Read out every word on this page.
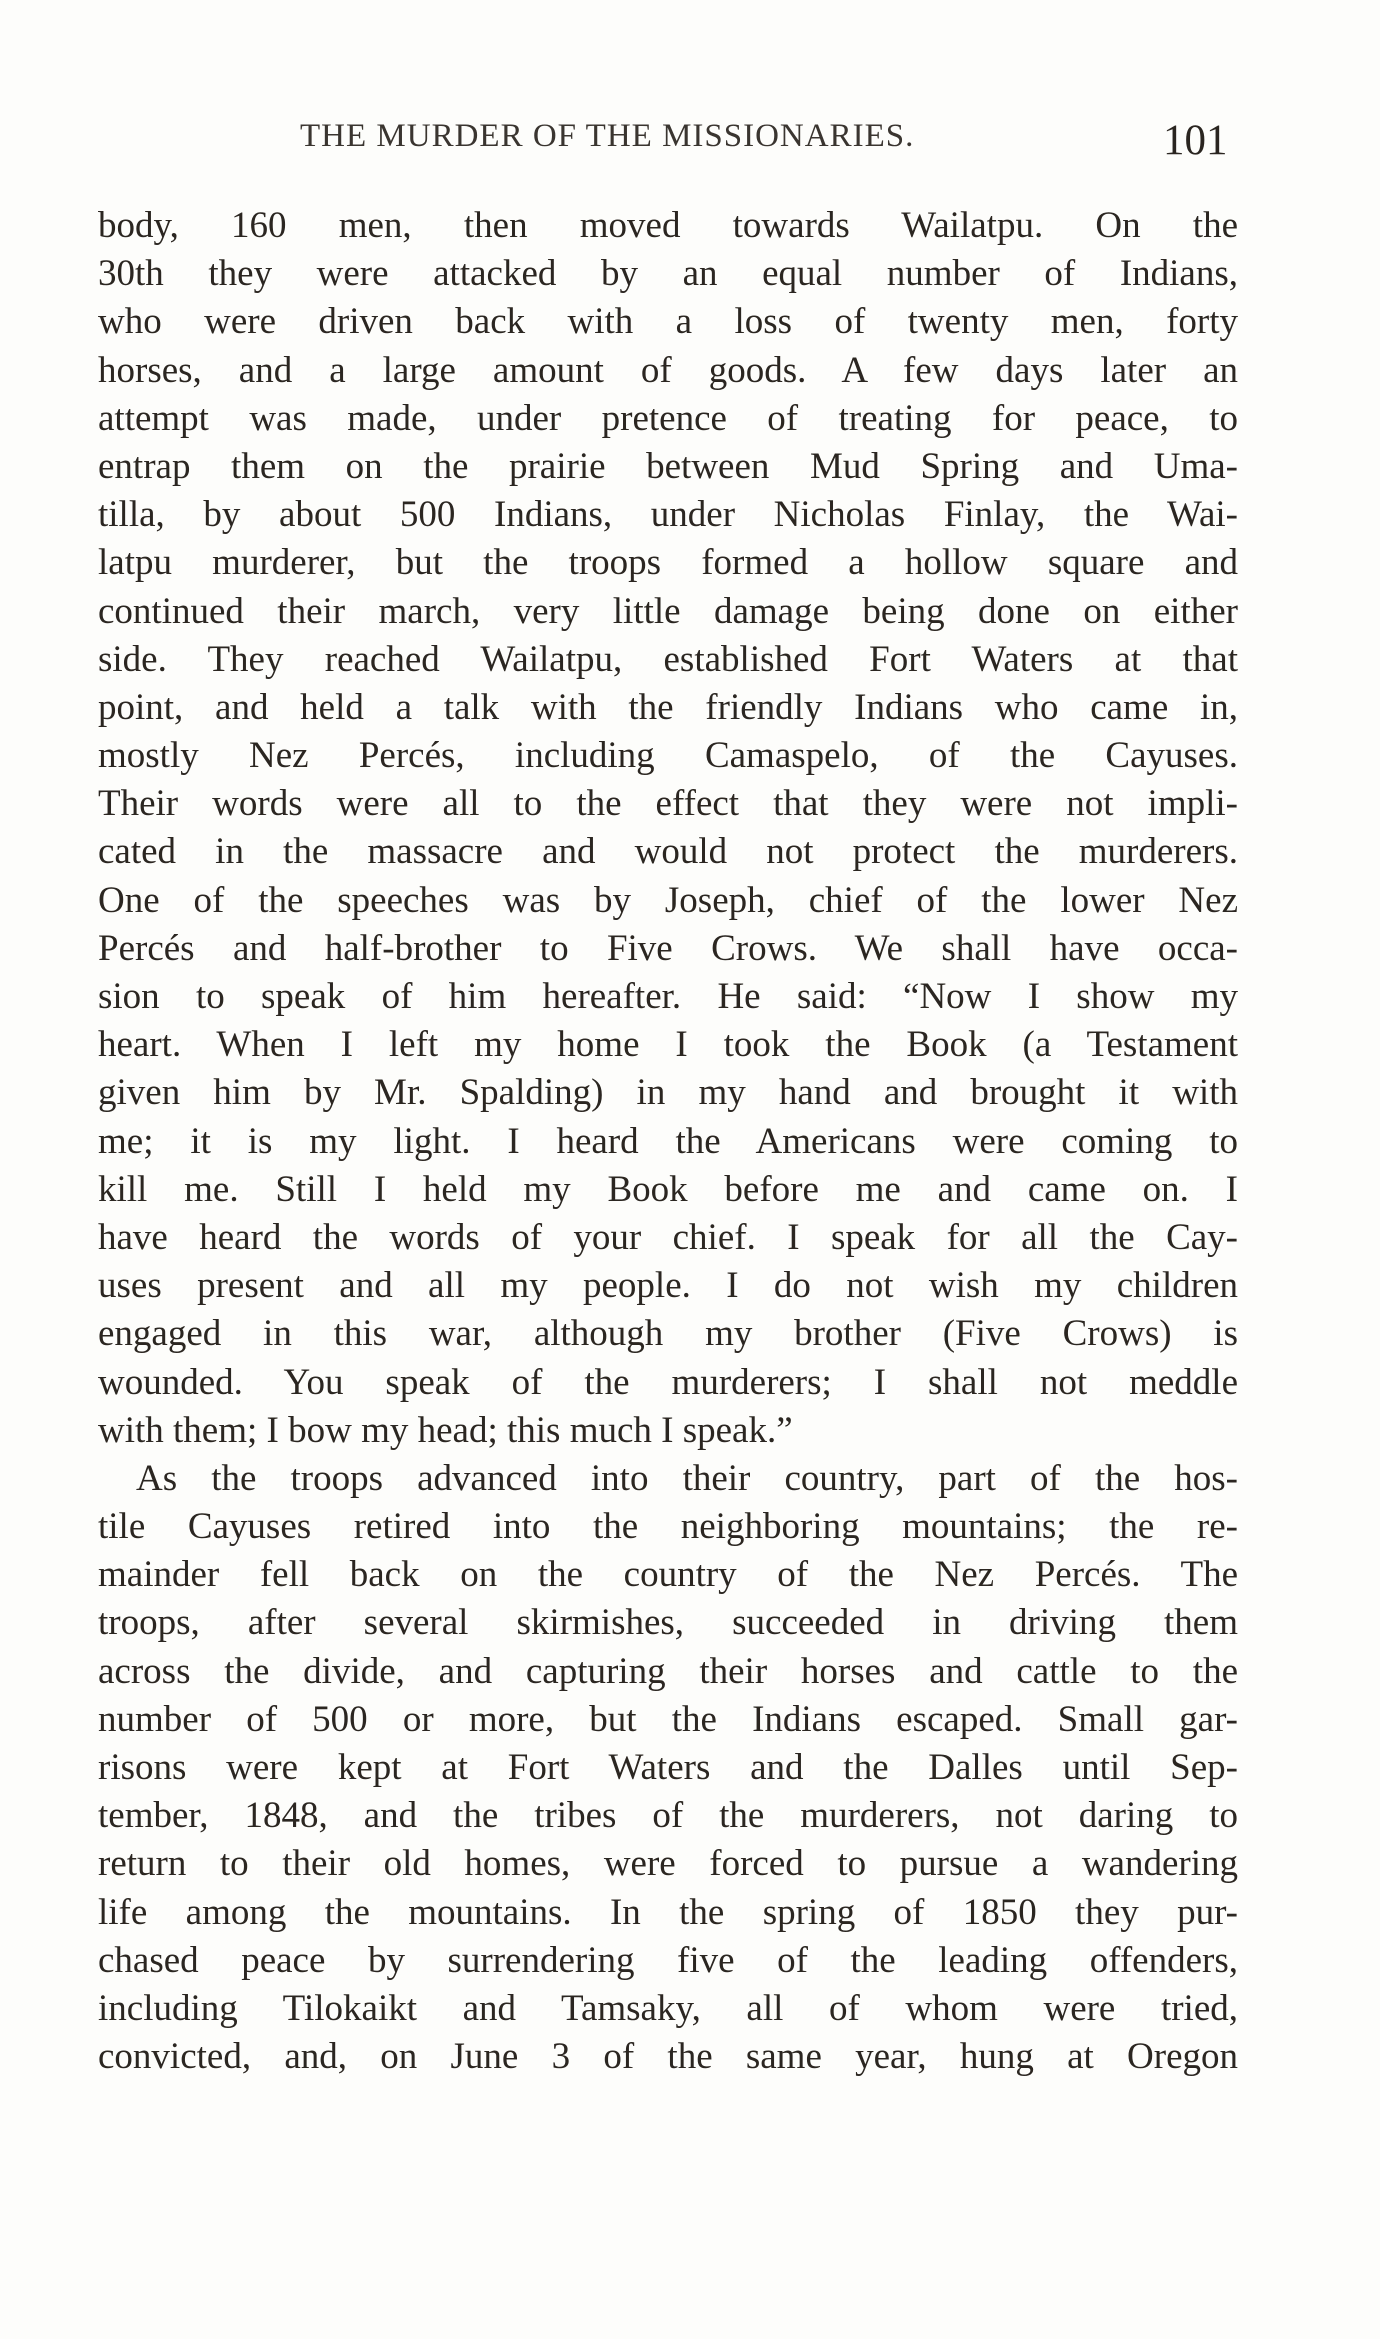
THE MURDER OF THE MISSIONARIES.	101
body, 160 men, then moved towards Wailatpu. On the
30th they were attacked by an equal number of Indians,
who were driven back with a loss of twenty men, forty
horses, and a large amount of goods. A few days later an
attempt was made, under pretence of treating for peace, to
entrap them on the prairie between Mud Spring and Uma-
tilla, by about 500 Indians, under Nicholas Finlay, the Wai-
latpu murderer, but the troops formed a hollow square and
continued their march, very little damage being done on either
side. They reached Wailatpu, established Fort Waters at that
point, and held a talk with the friendly Indians who came in,
mostly Nez Percés, including Camaspelo, of the Cayuses.
Their words were all to the effect that they were not impli-
cated in the massacre and would not protect the murderers.
One of the speeches was by Joseph, chief of the lower Nez
Percés and half-brother to Five Crows. We shall have occa-
sion to speak of him hereafter. He said: “Now I show my
heart. When I left my home I took the Book (a Testament
given him by Mr. Spalding) in my hand and brought it with
me; it is my light. I heard the Americans were coming to
kill me. Still I held my Book before me and came on. I
have heard the words of your chief. I speak for all the Cay-
uses present and all my people. I do not wish my children
engaged in this war, although my brother (Five Crows) is
wounded. You speak of the murderers; I shall not meddle
with them; I bow my head; this much I speak.”
As the troops advanced into their country, part of the hos-
tile Cayuses retired into the neighboring mountains; the re-
mainder fell back on the country of the Nez Percés. The
troops, after several skirmishes, succeeded in driving them
across the divide, and capturing their horses and cattle to the
number of 500 or more, but the Indians escaped. Small gar-
risons were kept at Fort Waters and the Dalles until Sep-
tember, 1848, and the tribes of the murderers, not daring to
return to their old homes, were forced to pursue a wandering
life among the mountains. In the spring of 1850 they pur-
chased peace by surrendering five of the leading offenders,
including Tilokaikt and Tamsaky, all of whom were tried,
convicted, and, on June 3 of the same year, hung at Oregon
